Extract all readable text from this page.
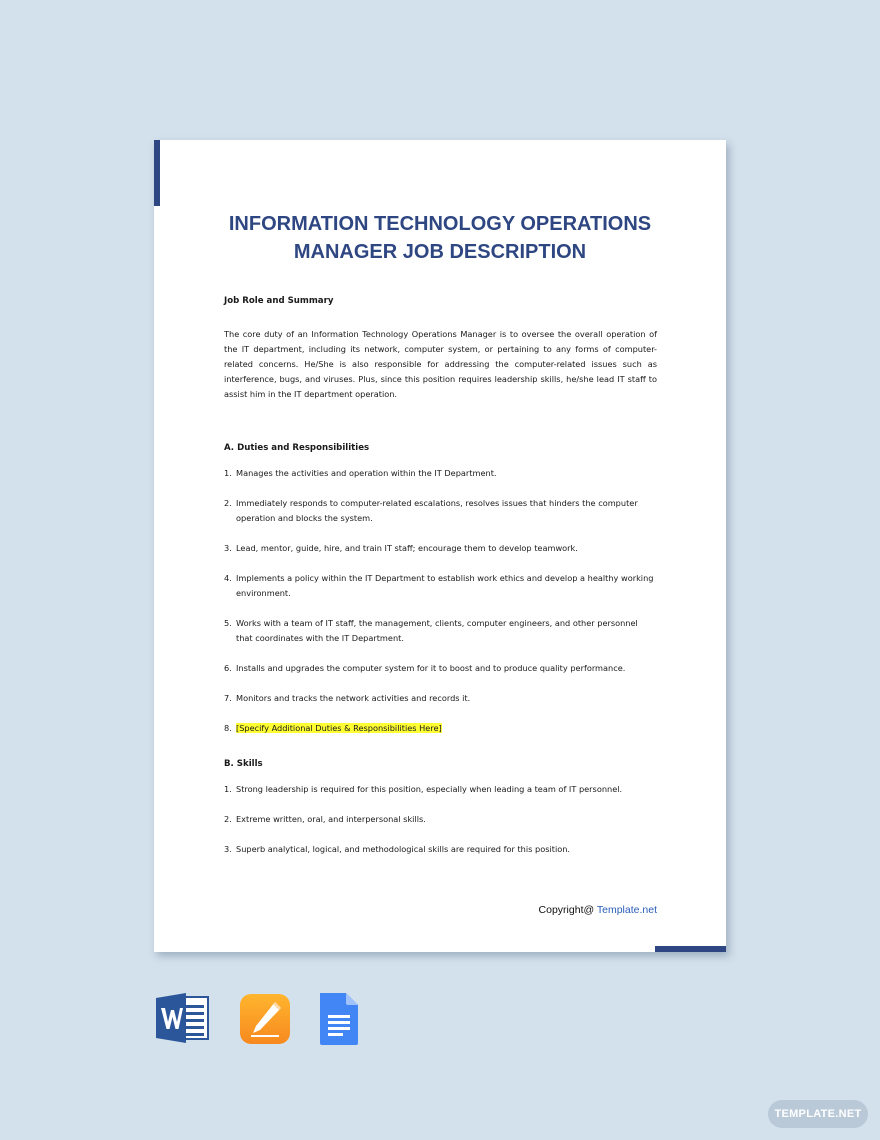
INFORMATION TECHNOLOGY OPERATIONS
MANAGER JOB DESCRIPTION

Job Role and Summary

The core duty of an Information Technology Operations Manager is to oversee the overall operation of the IT department, including its network, computer system, or pertaining to any forms of computer-related concerns. He/She is also responsible for addressing the computer-related issues such as interference, bugs, and viruses. Plus, since this position requires leadership skills, he/she lead IT staff to assist him in the IT department operation.

A. Duties and Responsibilities

1. Manages the activities and operation within the IT Department.
2. Immediately responds to computer-related escalations, resolves issues that hinders the computer operation and blocks the system.
3. Lead, mentor, guide, hire, and train IT staff; encourage them to develop teamwork.
4. Implements a policy within the IT Department to establish work ethics and develop a healthy working environment.
5. Works with a team of IT staff, the management, clients, computer engineers, and other personnel that coordinates with the IT Department.
6. Installs and upgrades the computer system for it to boost and to produce quality performance.
7. Monitors and tracks the network activities and records it.
8. [Specify Additional Duties & Responsibilities Here]

B. Skills

1. Strong leadership is required for this position, especially when leading a team of IT personnel.
2. Extreme written, oral, and interpersonal skills.
3. Superb analytical, logical, and methodological skills are required for this position.
Copyright@ Template.net
TEMPLATE.NET
